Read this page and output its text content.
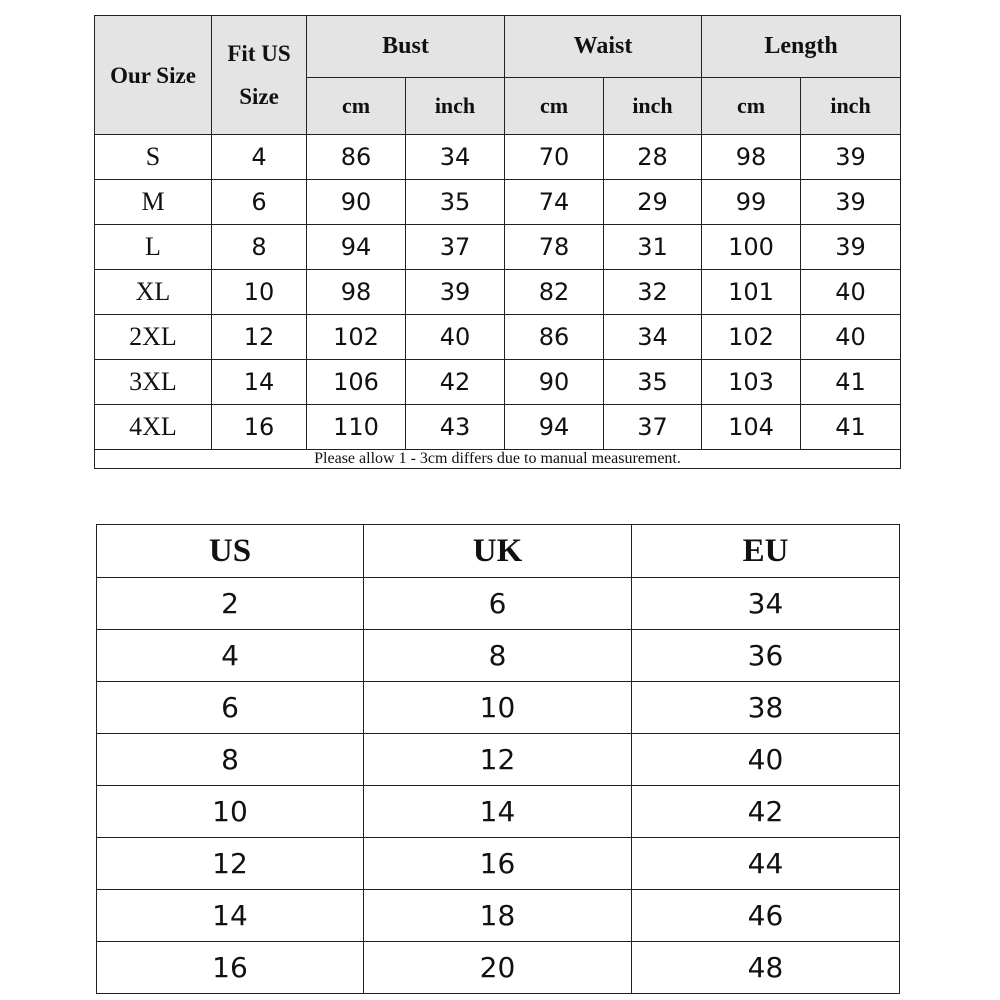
Our Size	Fit US Size	Bust		Waist		Length	
		cm	inch	cm	inch	cm	inch
S	4	86	34	70	28	98	39
M	6	90	35	74	29	99	39
L	8	94	37	78	31	100	39
XL	10	98	39	82	32	101	40
2XL	12	102	40	86	34	102	40
3XL	14	106	42	90	35	103	41
4XL	16	110	43	94	37	104	41
Please allow 1 - 3cm differs due to manual measurement.							
US	UK	EU
2	6	34
4	8	36
6	10	38
8	12	40
10	14	42
12	16	44
14	18	46
16	20	48
